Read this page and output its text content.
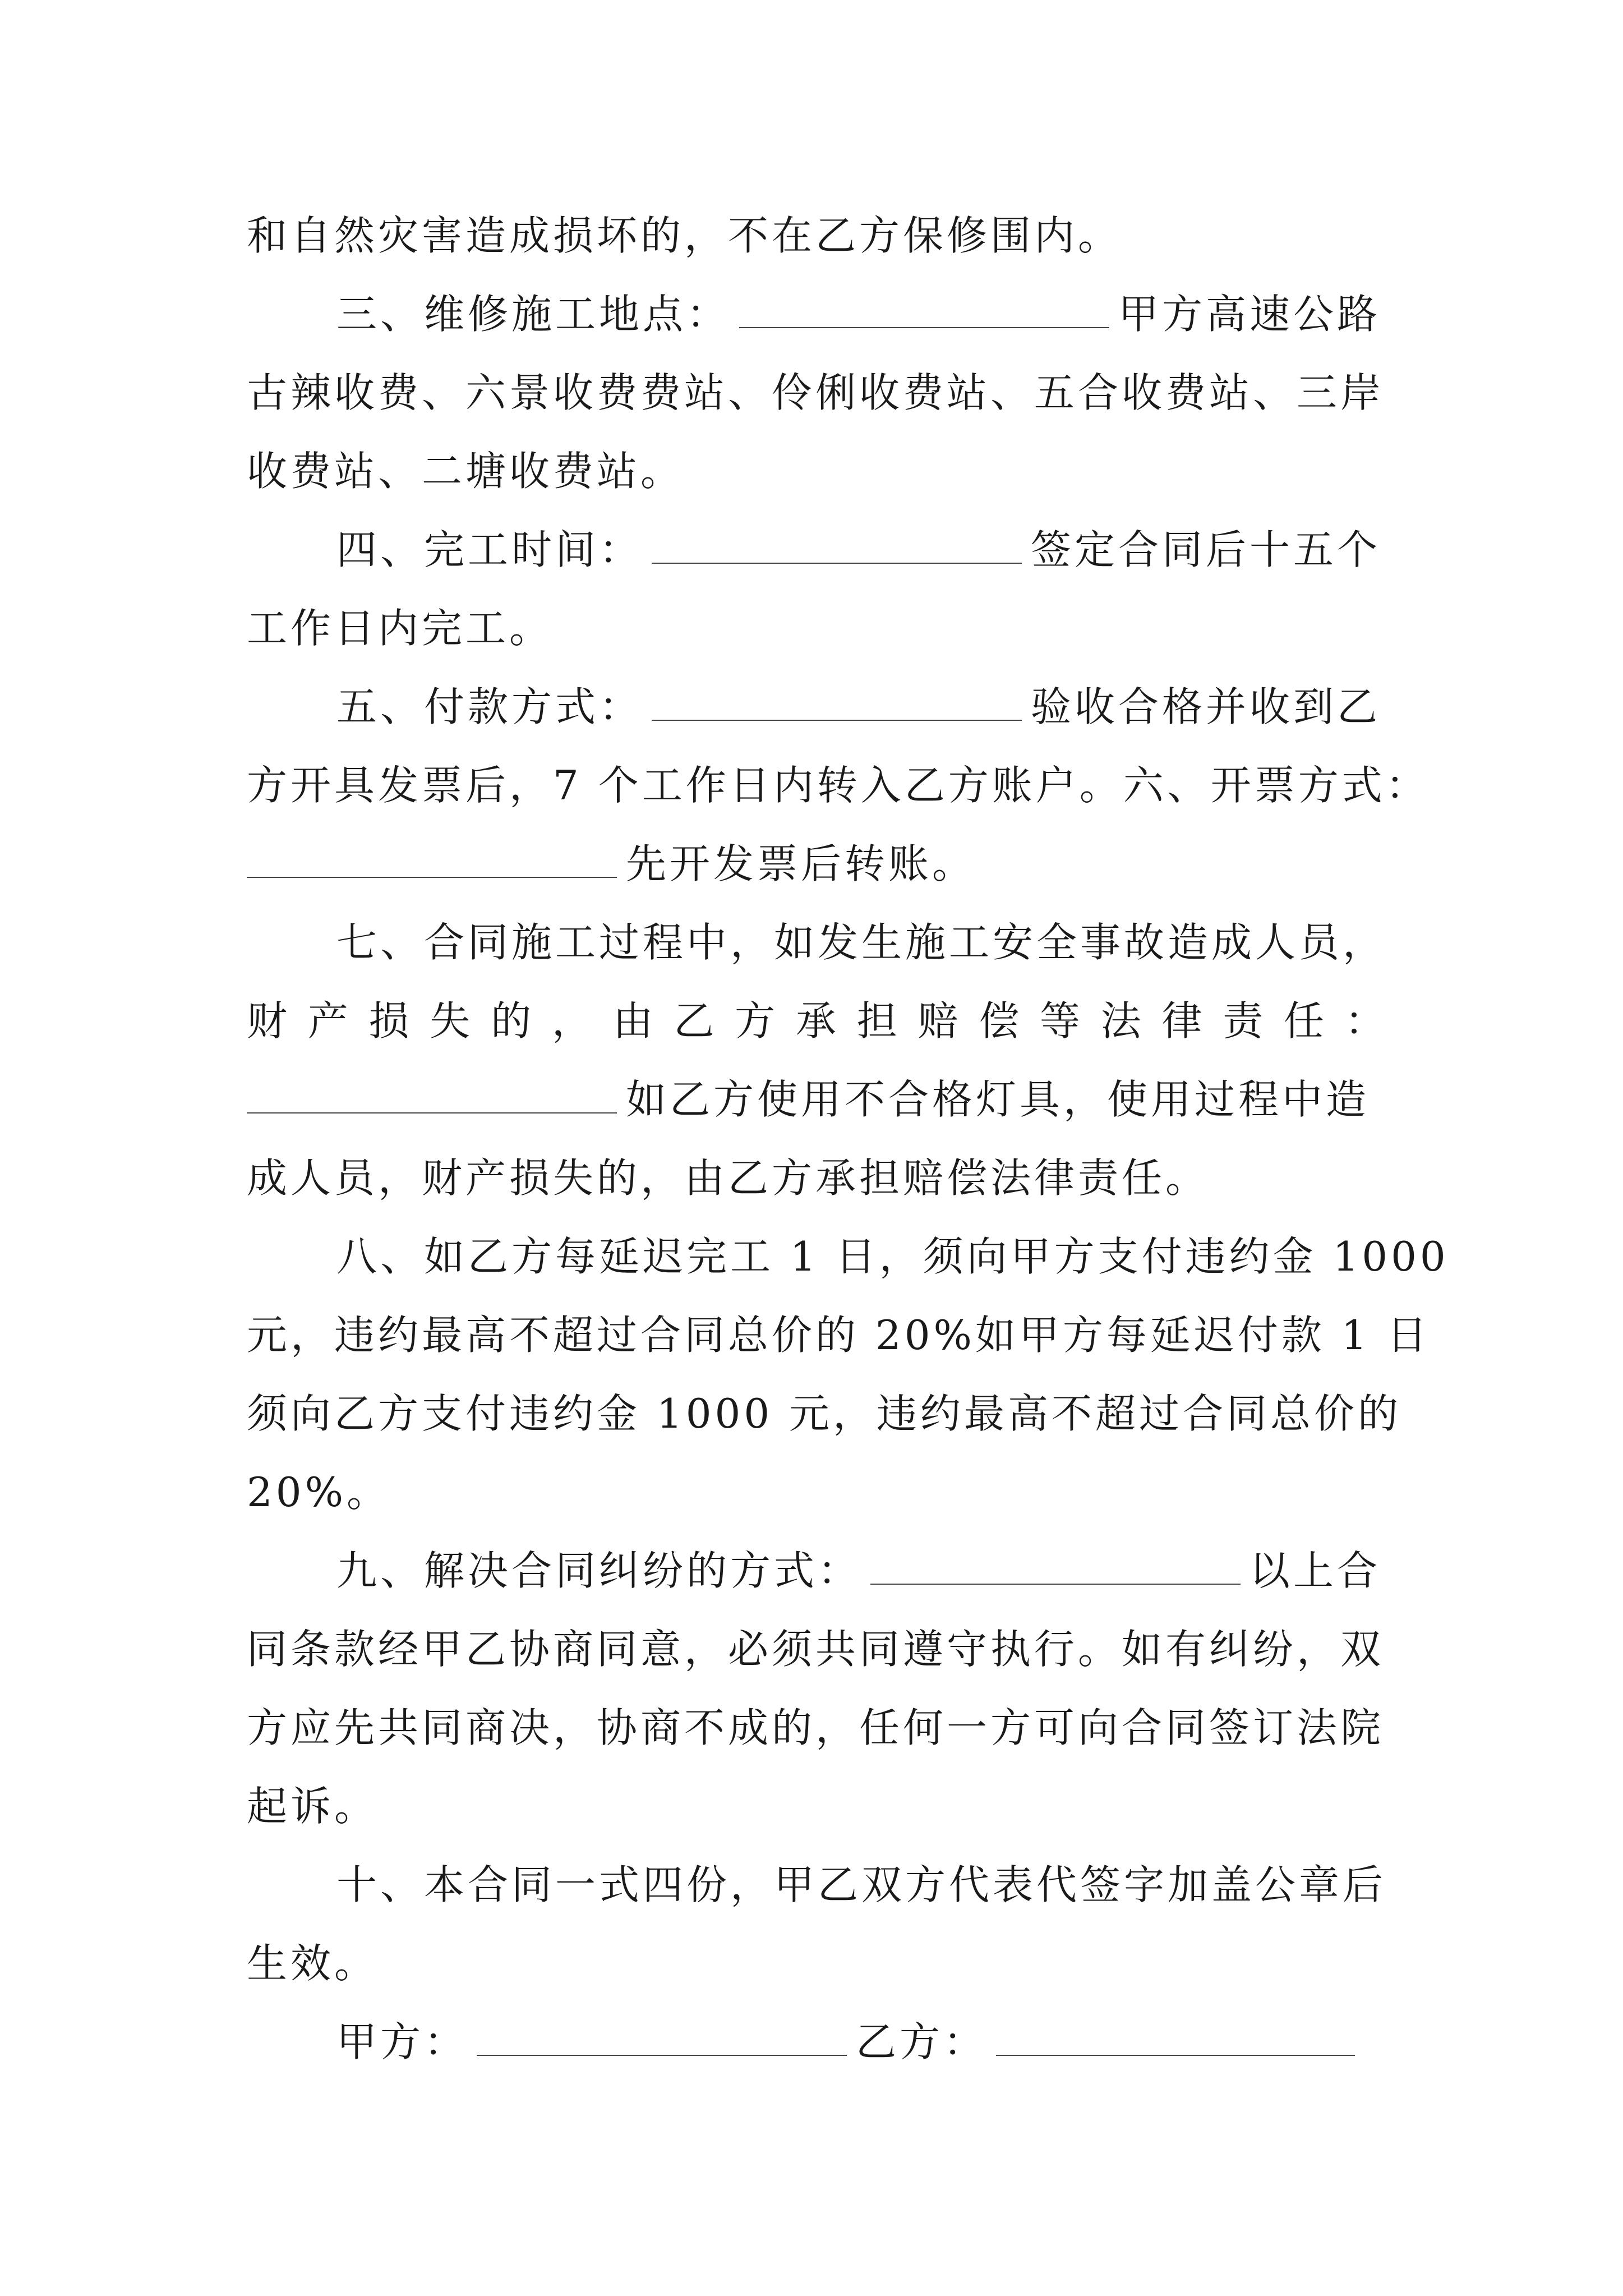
和自然灾害造成损坏的，不在乙方保修围内。
三、维修施工地点：	甲方高速公路
古辣收费、六景收费费站、伶俐收费站、五合收费站、三岸
收费站、二塘收费站。
四、完工时间：	签定合同后十五个
工作日内完工。
五、付款方式：	验收合格并收到乙
方开具发票后，7 个工作日内转入乙方账户。六、开票方式：
先开发票后转账。
七、合同施工过程中，如发生施工安全事故造成人员，
财 产 损 失 的 ， 由 乙 方 承 担 赔 偿 等 法 律 责 任 ：
如乙方使用不合格灯具，使用过程中造
成人员，财产损失的，由乙方承担赔偿法律责任。
八、如乙方每延迟完工 1 日，须向甲方支付违约金 1000
元，违约最高不超过合同总价的 20%如甲方每延迟付款 1 日
须向乙方支付违约金 1000 元，违约最高不超过合同总价的
20%。
九、解决合同纠纷的方式：	以上合
同条款经甲乙协商同意，必须共同遵守执行。如有纠纷，双
方应先共同商决，协商不成的，任何一方可向合同签订法院
起诉。
十、本合同一式四份，甲乙双方代表代签字加盖公章后
生效。
甲方：	乙方：
